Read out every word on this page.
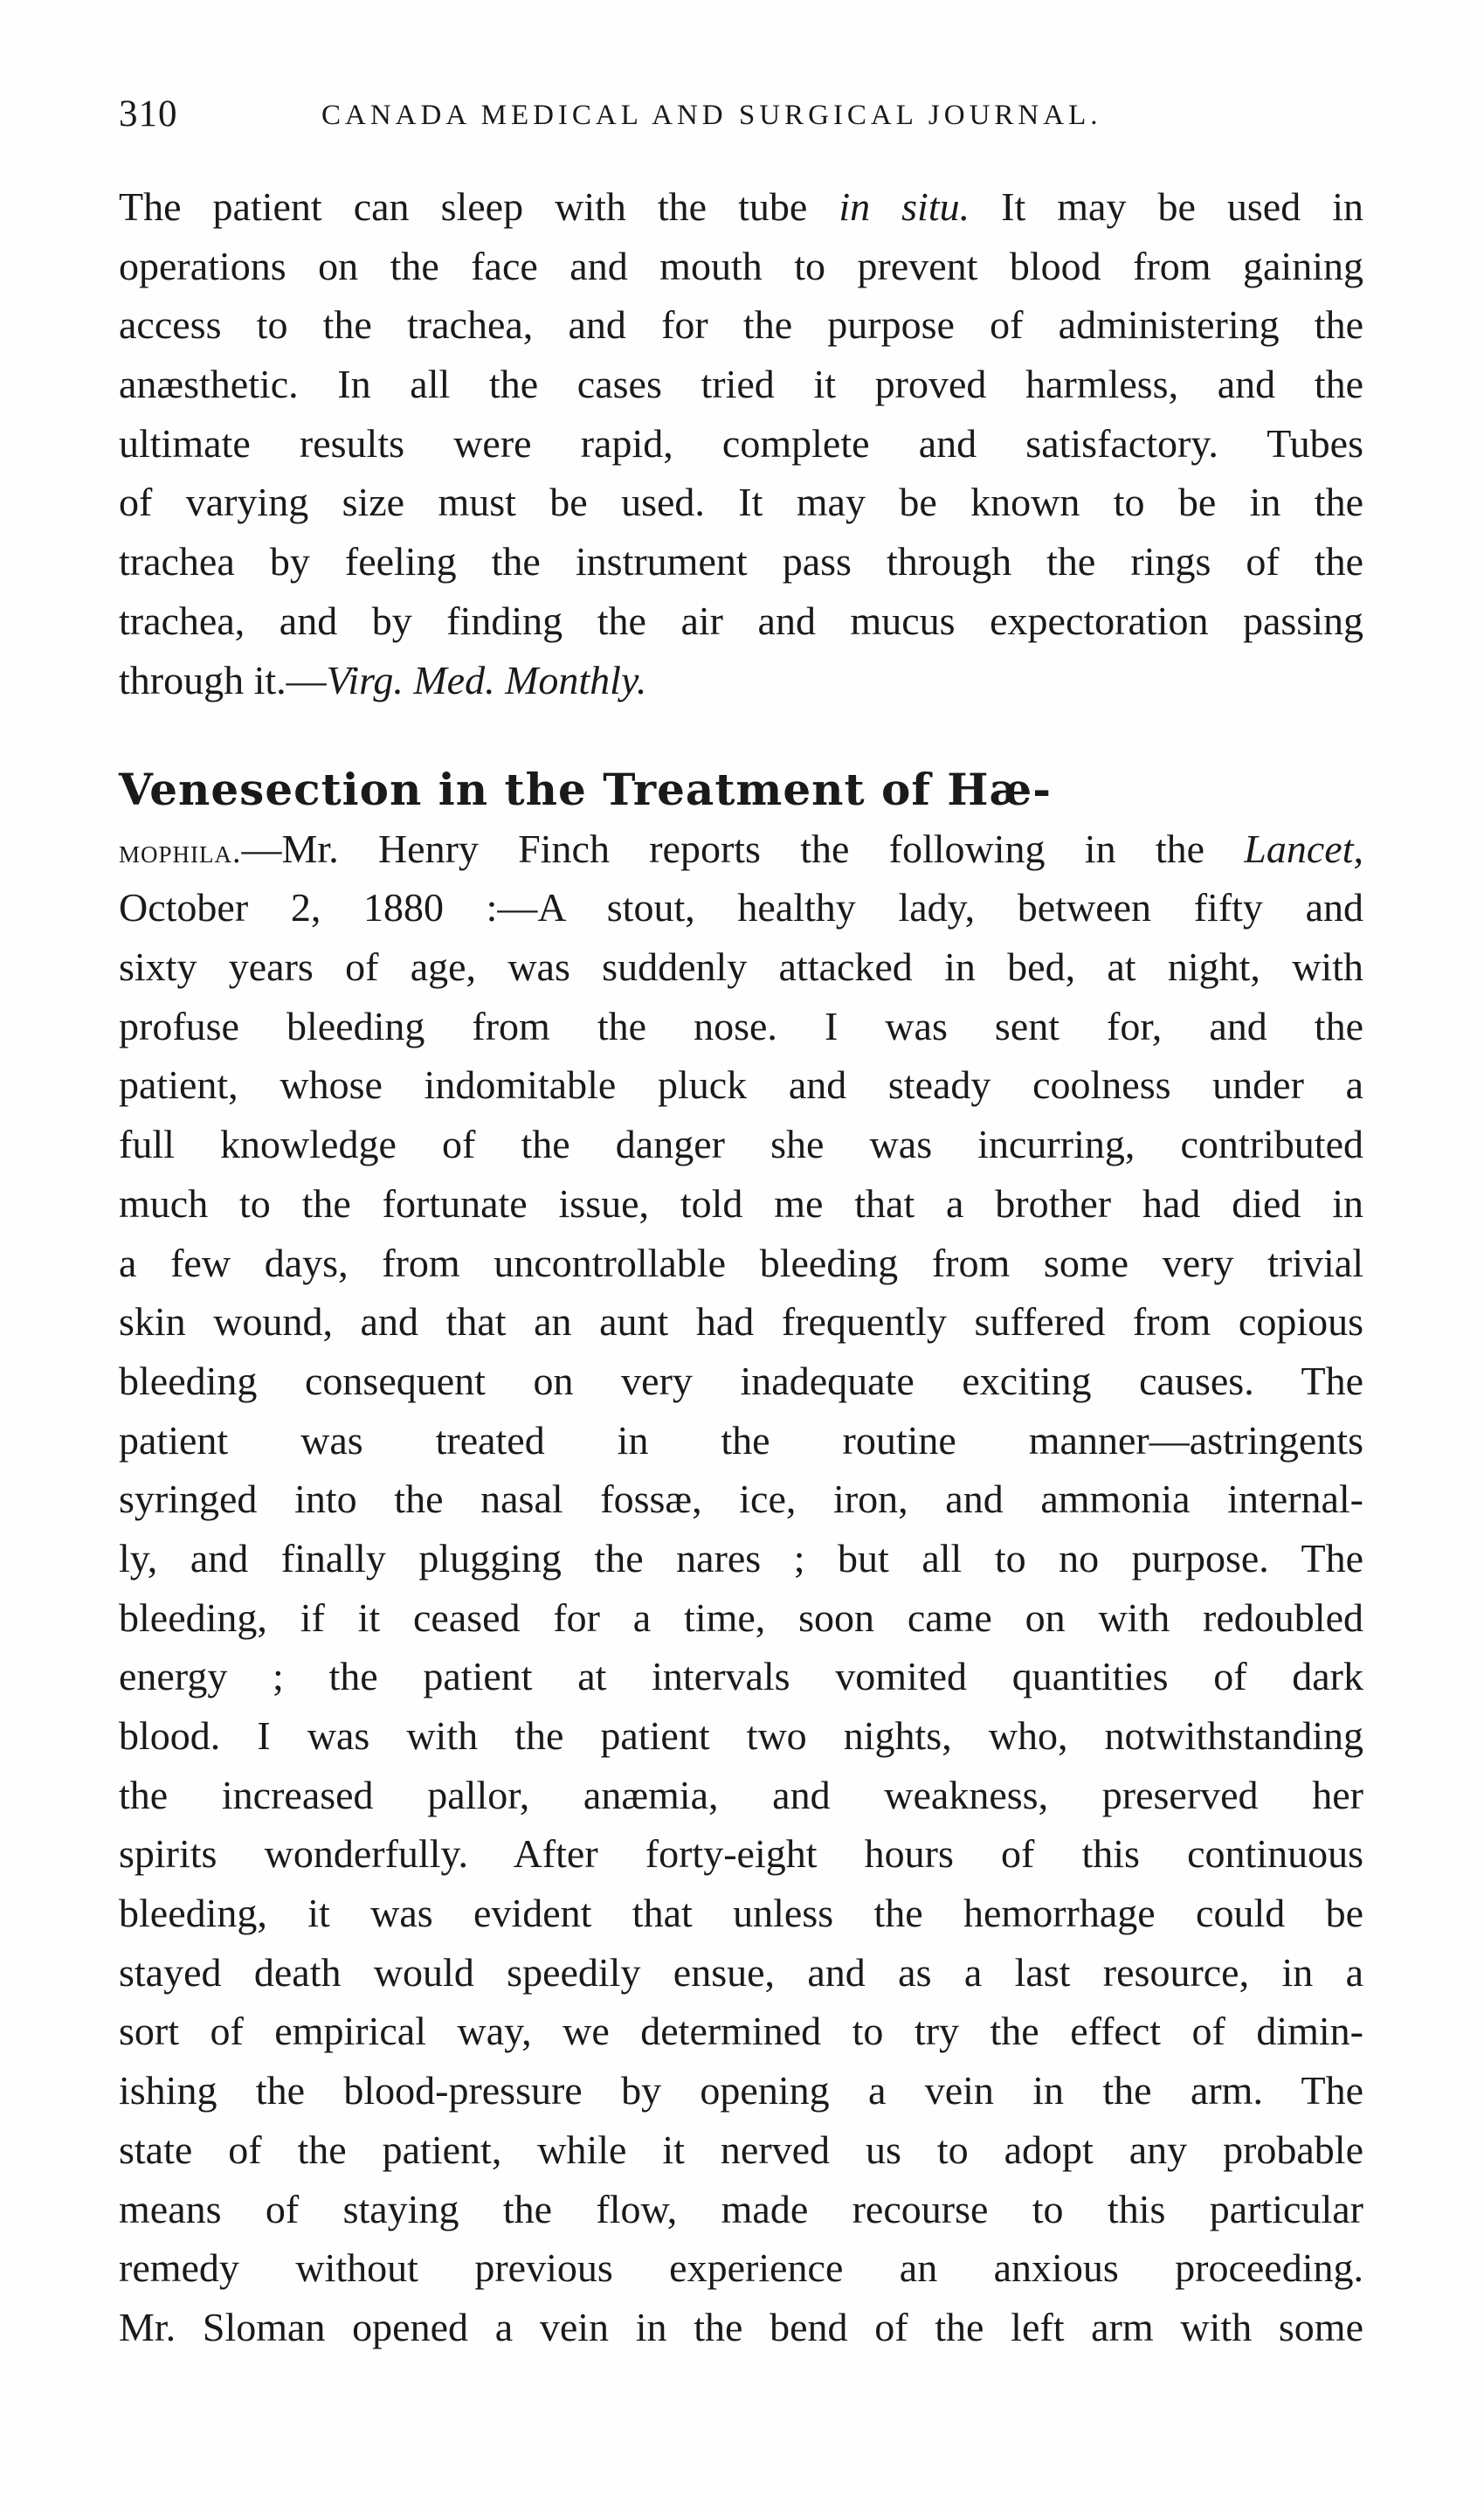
310	CANADA MEDICAL AND SURGICAL JOURNAL.
The patient can sleep with the tube in situ. It may be used in
operations on the face and mouth to prevent blood from gaining
access to the trachea, and for the purpose of administering the
anæsthetic. In all the cases tried it proved harmless, and the
ultimate results were rapid, complete and satisfactory. Tubes
of varying size must be used. It may be known to be in the
trachea by feeling the instrument pass through the rings of the
trachea, and by finding the air and mucus expectoration passing
through it.—Virg. Med. Monthly.
Venesection in the Treatment of Hæ-
mophila.—Mr. Henry Finch reports the following in the Lancet,
October 2, 1880 :—A stout, healthy lady, between fifty and
sixty years of age, was suddenly attacked in bed, at night, with
profuse bleeding from the nose. I was sent for, and the
patient, whose indomitable pluck and steady coolness under a
full knowledge of the danger she was incurring, contributed
much to the fortunate issue, told me that a brother had died in
a few days, from uncontrollable bleeding from some very trivial
skin wound, and that an aunt had frequently suffered from copious
bleeding consequent on very inadequate exciting causes. The
patient was treated in the routine manner—astringents
syringed into the nasal fossæ, ice, iron, and ammonia internal-
ly, and finally plugging the nares ; but all to no purpose. The
bleeding, if it ceased for a time, soon came on with redoubled
energy ; the patient at intervals vomited quantities of dark
blood. I was with the patient two nights, who, notwithstanding
the increased pallor, anæmia, and weakness, preserved her
spirits wonderfully. After forty-eight hours of this continuous
bleeding, it was evident that unless the hemorrhage could be
stayed death would speedily ensue, and as a last resource, in a
sort of empirical way, we determined to try the effect of dimin-
ishing the blood-pressure by opening a vein in the arm. The
state of the patient, while it nerved us to adopt any probable
means of staying the flow, made recourse to this particular
remedy without previous experience an anxious proceeding.
Mr. Sloman opened a vein in the bend of the left arm with some
